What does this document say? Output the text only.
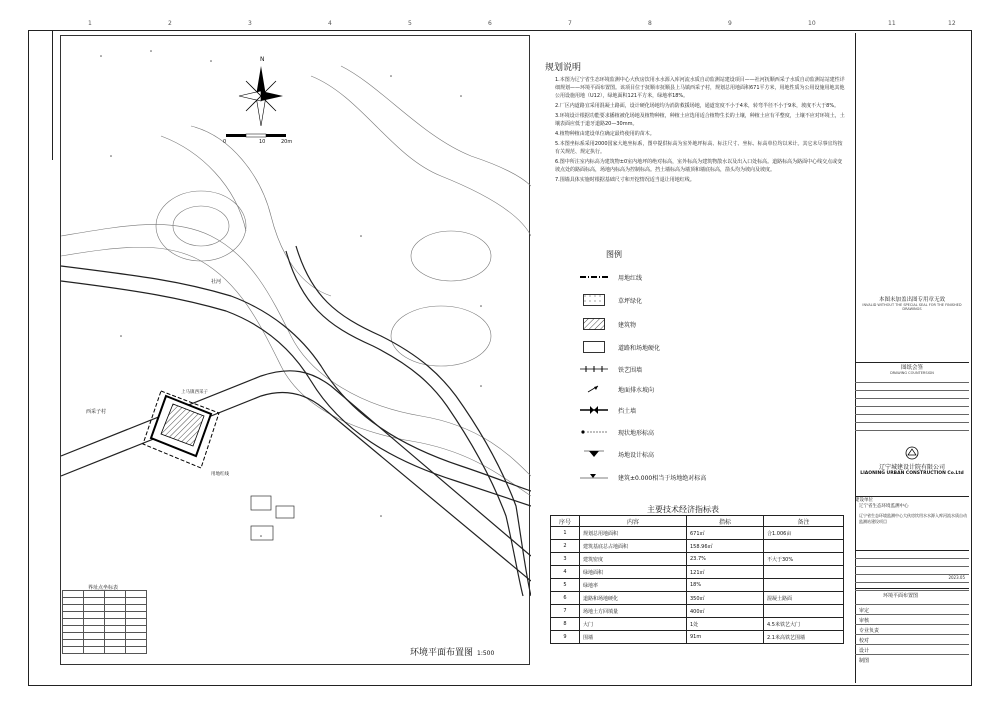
1	2	3	4	5	6	7	8	9	10	11	12
N
0	10	20m
西采子村
上马镇西采子
社河
用地红线
界址点坐标表

环境平面布置图 1:500
规划说明
1.本图为辽宁省生态环境监测中心大伙房饮用水水源入库河流水质自动监测站建设项目——社河抚顺西采子水质自动监测站站建性详细规划——环境平面布置图。该项目位于抚顺市抚顺县上马镇西采子村，规划总用地面积671平方米，用地性质为公用设施用地其他公用设施用地（U12），绿地面积121平方米，绿地率18%。
2.厂区内道路宜采用混凝土路面，设计硬化场地均为消防救援场地，通道宽度不小于4米，转弯半径不小于9米，坡度不大于8%。
3.环境设计根据功能要求播植被化场地及植物种植，种植土应选用适合植物生长的土壤，种植土应有平整度，土壤不应对环境土，土壤表面应低于道牙道路20—30mm。
4.植物种植由建设单位确定最终使用的苗木。
5.本图坐标系采用2000国家大地坐标系，图中提供标高为室外地坪标高、标注尺寸、坐标、标高单位均以米计。其它未尽事宜均按有关规范、规定执行。
6.图中所注室内标高为建筑物±0室内地坪的绝对标高，室外标高为建筑物散水以及出入口处标高。道路标高为路面中心线交点或变坡点处的路面标高，场地内标高为控制标高。挡土墙标高为墙顶和墙底标高，箭头均为坡向及坡度。
7.围墙具体实施时根据基础尺寸和开挖情况适当退让用地红线。
图例
用地红线
草坪绿化
建筑物
道路和场地硬化
铁艺围墙
地面排水坡向
挡土墙
现状地形标高
场地设计标高
建筑±0.000相当于场地绝对标高
主要技术经济指标表
序号	内容	指标	备注
1	规划总用地面积	671㎡	合1.006亩
2	建筑基底总占地面积	158.96㎡	
3	建筑密度	23.7%	不大于30%
4	绿地面积	121㎡	
5	绿地率	18%	
6	道路和场地硬化	350㎡	混凝土路面
7	场地土方回填量	400㎡	
8	大门	1处	4.5米铁艺大门
9	围墙	91m	2.1米高铁艺围墙
本图未加盖出图专用章无效
INVALID WITHOUT THE SPECIAL SEAL FOR THE FINISHED DRAWINGS
图纸会签
DRAWING COUNTERSIGN
辽宁城建设计院有限公司
LIAONING URBAN CONSTRUCTION Co.Ltd
建设单位
辽宁省生态环境监测中心
辽宁省生态环境监测中心大伙房饮用水水源入库河流水质自动监测站建设项目
2023.05
环境平面布置图
审定
审核
专业负责
校对
设计
制图
